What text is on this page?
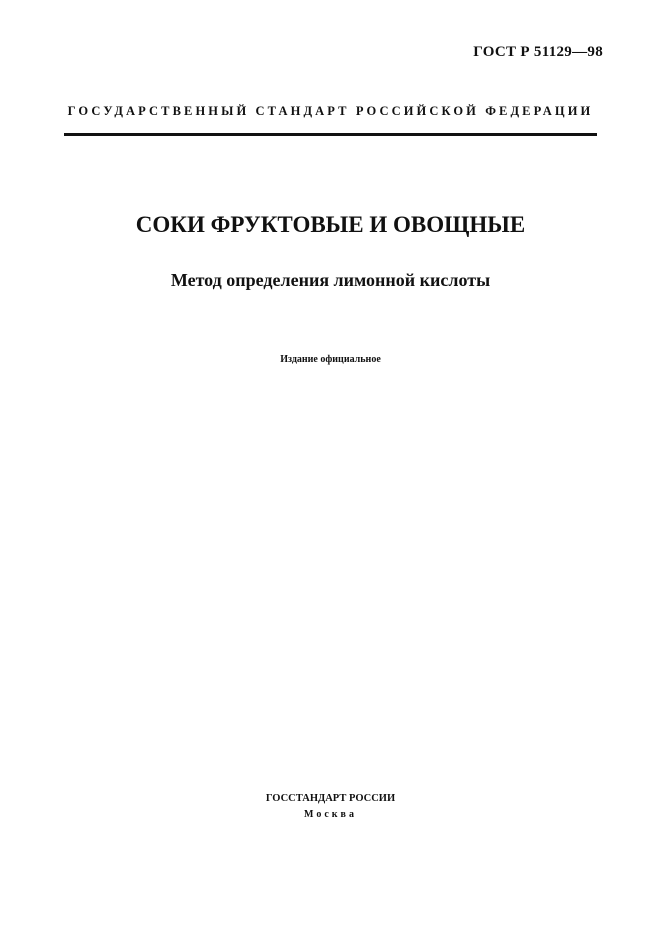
ГОСТ Р 51129—98
ГОСУДАРСТВЕННЫЙ СТАНДАРТ РОССИЙСКОЙ ФЕДЕРАЦИИ
СОКИ ФРУКТОВЫЕ И ОВОЩНЫЕ
Метод определения лимонной кислоты
Издание официальное
ГОССТАНДАРТ РОССИИ
Москва
